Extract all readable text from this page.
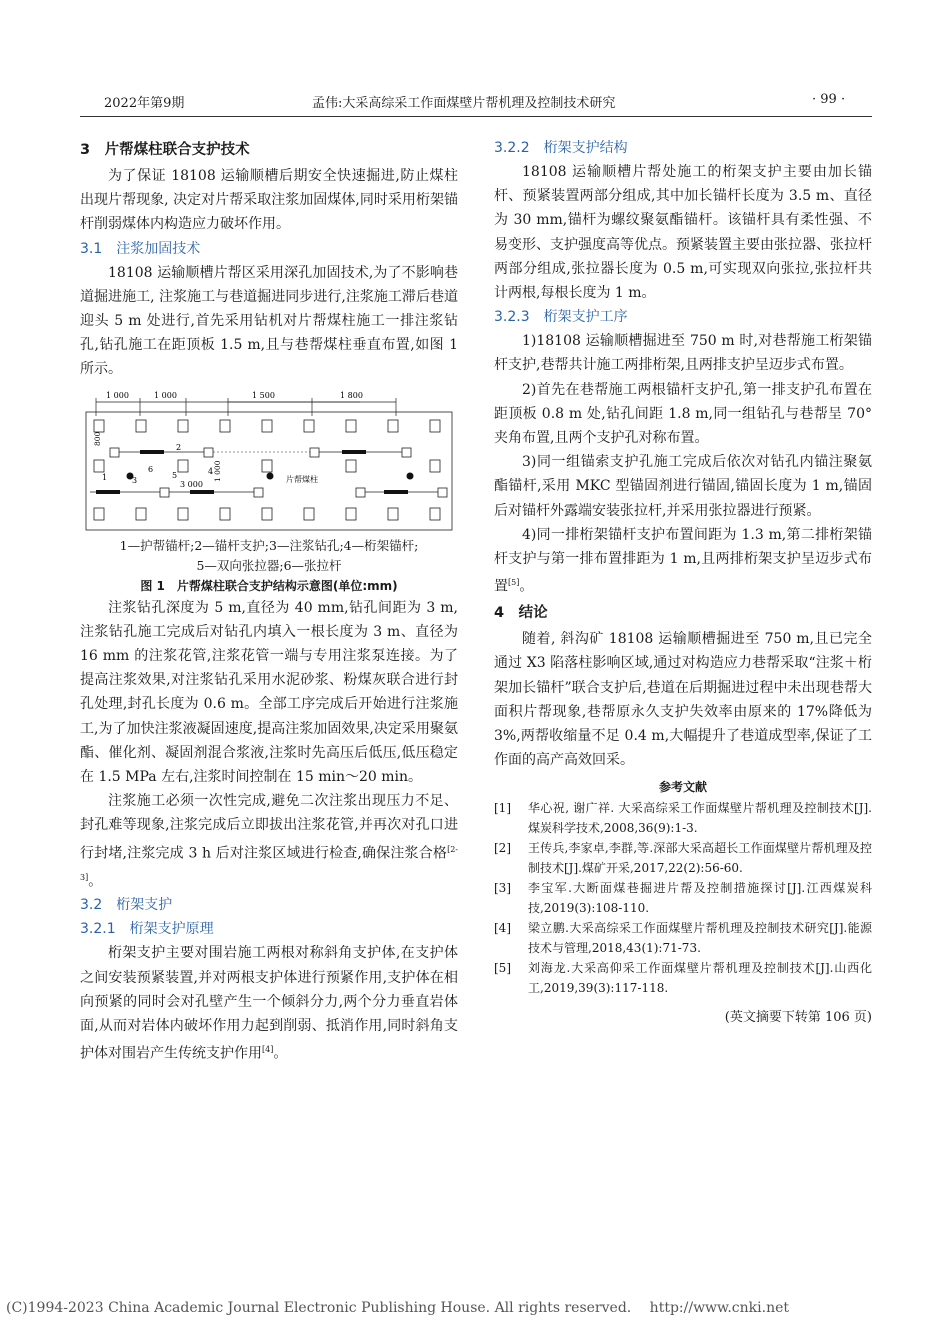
2022年第9期	孟伟:大采高综采工作面煤壁片帮机理及控制技术研究	· 99 ·
3　片帮煤柱联合支护技术

为了保证 18108 运输顺槽后期安全快速掘进,防止煤柱出现片帮现象, 决定对片帮采取注浆加固煤体,同时采用桁架锚杆削弱煤体内构造应力破坏作用。

3.1　注浆加固技术

18108 运输顺槽片帮区采用深孔加固技术,为了不影响巷道掘进施工, 注浆施工与巷道掘进同步进行,注浆施工滞后巷道迎头 5 m 处进行,首先采用钻机对片帮煤柱施工一排注浆钻孔,钻孔施工在距顶板 1.5 m,且与巷帮煤柱垂直布置,如图 1 所示。

1 000	1 000	1 500	1 800
800
1 000	片帮煤柱
3 000
1
2
3
4
5
6
1—护帮锚杆;2—锚杆支护;3—注浆钻孔;4—桁架锚杆;
5—双向张拉器;6—张拉杆
图 1　片帮煤柱联合支护结构示意图(单位:mm)

注浆钻孔深度为 5 m,直径为 40 mm,钻孔间距为 3 m, 注浆钻孔施工完成后对钻孔内填入一根长度为 3 m、直径为 16 mm 的注浆花管,注浆花管一端与专用注浆泵连接。为了提高注浆效果,对注浆钻孔采用水泥砂浆、粉煤灰联合进行封孔处理,封孔长度为 0.6 m。全部工序完成后开始进行注浆施工,为了加快注浆液凝固速度,提高注浆加固效果,决定采用聚氨酯、催化剂、凝固剂混合浆液,注浆时先高压后低压,低压稳定在 1.5 MPa 左右,注浆时间控制在 15 min～20 min。

注浆施工必须一次性完成,避免二次注浆出现压力不足、封孔难等现象,注浆完成后立即拔出注浆花管,并再次对孔口进行封堵,注浆完成 3 h 后对注浆区域进行检查,确保注浆合格[2-3]。

3.2　桁架支护
3.2.1　桁架支护原理

桁架支护主要对围岩施工两根对称斜角支护体,在支护体之间安装预紧装置,并对两根支护体进行预紧作用,支护体在相向预紧的同时会对孔壁产生一个倾斜分力,两个分力垂直岩体面,从而对岩体内破坏作用力起到削弱、抵消作用,同时斜角支护体对围岩产生传统支护作用[4]。

3.2.2　桁架支护结构

18108 运输顺槽片帮处施工的桁架支护主要由加长锚杆、预紧装置两部分组成,其中加长锚杆长度为 3.5 m、直径为 30 mm,锚杆为螺纹聚氨酯锚杆。该锚杆具有柔性强、不易变形、支护强度高等优点。预紧装置主要由张拉器、张拉杆两部分组成,张拉器长度为 0.5 m,可实现双向张拉,张拉杆共计两根,每根长度为 1 m。

3.2.3　桁架支护工序

1)18108 运输顺槽掘进至 750 m 时,对巷帮施工桁架锚杆支护,巷帮共计施工两排桁架,且两排支护呈迈步式布置。

2)首先在巷帮施工两根锚杆支护孔,第一排支护孔布置在距顶板 0.8 m 处,钻孔间距 1.8 m,同一组钻孔与巷帮呈 70°　夹角布置,且两个支护孔对称布置。

3)同一组锚索支护孔施工完成后依次对钻孔内锚注聚氨酯锚杆,采用 MKC 型锚固剂进行锚固,锚固长度为 1 m,锚固后对锚杆外露端安装张拉杆,并采用张拉器进行预紧。

4)同一排桁架锚杆支护布置间距为 1.3 m,第二排桁架锚杆支护与第一排布置排距为 1 m,且两排桁架支护呈迈步式布置[5]。

4　结论

随着, 斜沟矿 18108 运输顺槽掘进至 750 m,且已完全通过 X3 陷落柱影响区域,通过对构造应力巷帮采取“注浆＋桁架加长锚杆”联合支护后,巷道在后期掘进过程中未出现巷帮大面积片帮现象,巷帮原永久支护失效率由原来的 17%降低为 3%,两帮收缩量不足 0.4 m,大幅提升了巷道成型率,保证了工作面的高产高效回采。

参考文献
[1]	华心祝, 谢广祥. 大采高综采工作面煤壁片帮机理及控制技术[J].煤炭科学技术,2008,36(9):1-3.
[2]	王传兵,李家卓,李群,等.深部大采高超长工作面煤壁片帮机理及控制技术[J].煤矿开采,2017,22(2):56-60.
[3]	李宝军.大断面煤巷掘进片帮及控制措施探讨[J].江西煤炭科技,2019(3):108-110.
[4]	梁立鹏.大采高综采工作面煤壁片帮机理及控制技术研究[J].能源技术与管理,2018,43(1):71-73.
[5]	刘海龙.大采高仰采工作面煤壁片帮机理及控制技术[J].山西化工,2019,39(3):117-118.
(英文摘要下转第 106 页)
(C)1994-2023 China Academic Journal Electronic Publishing House. All rights reserved.　 http://www.cnki.net
